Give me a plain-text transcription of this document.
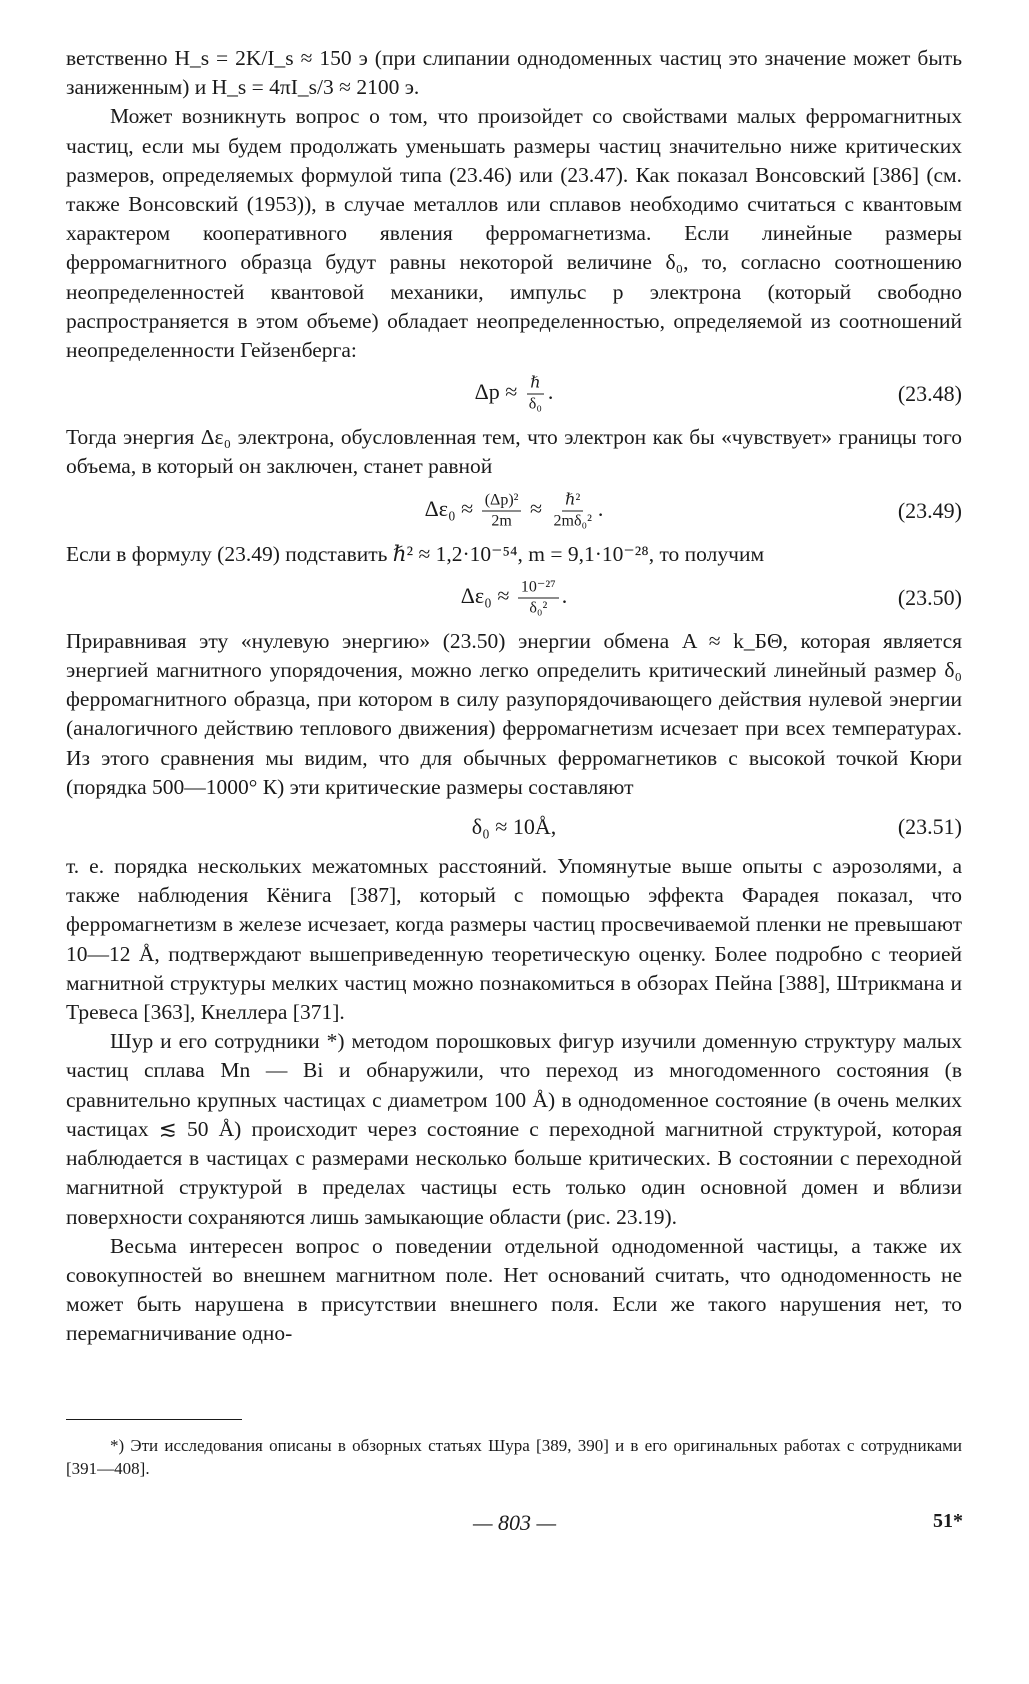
ветственно H_s = 2K/I_s ≈ 150 э (при слипании однодоменных частиц это значение может быть заниженным) и H_s = 4πI_s/3 ≈ 2100 э.

Может возникнуть вопрос о том, что произойдет со свойствами малых ферромагнитных частиц, если мы будем продолжать уменьшать размеры частиц значительно ниже критических размеров, определяемых формулой типа (23.46) или (23.47). Как показал Вонсовский [386] (см. также Вонсовский (1953)), в случае металлов или сплавов необходимо считаться с квантовым характером кооперативного явления ферромагнетизма. Если линейные размеры ферромагнитного образца будут равны некоторой величине δ₀, то, согласно соотношению неопределенностей квантовой механики, импульс p электрона (который свободно распространяется в этом объеме) обладает неопределенностью, определяемой из соотношений неопределенности Гейзенберга:

$\Delta p \approx \frac{\text{ℏ}}{\text{δ₀}}$ .	(23.48)

Тогда энергия Δε₀ электрона, обусловленная тем, что электрон как бы «чувствует» границы того объема, в который он заключен, станет равной

$\Delta\varepsilon_0 \approx \frac{\text{(Δp)²}}{2m} \approx \frac{\text{ℏ²}}{\text{2mδ₀²}}$ .	(23.49)

Если в формулу (23.49) подставить ℏ² ≈ 1,2·10⁻⁵⁴, m = 9,1·10⁻²⁸, то получим

$\Delta\varepsilon_0 \approx \frac{\text{10⁻²⁷}}{\text{δ₀²}}$ .	(23.50)

Приравнивая эту «нулевую энергию» (23.50) энергии обмена A ≈ k_БΘ, которая является энергией магнитного упорядочения, можно легко определить критический линейный размер δ₀ ферромагнитного образца, при котором в силу разупорядочивающего действия нулевой энергии (аналогичного действию теплового движения) ферромагнетизм исчезает при всех температурах. Из этого сравнения мы видим, что для обычных ферромагнетиков с высокой точкой Кюри (порядка 500—1000° К) эти критические размеры составляют

δ₀ ≈ 10Å,	(23.51)

т. е. порядка нескольких межатомных расстояний. Упомянутые выше опыты с аэрозолями, а также наблюдения Кёнига [387], который с помощью эффекта Фарадея показал, что ферромагнетизм в железе исчезает, когда размеры частиц просвечиваемой пленки не превышают 10—12 Å, подтверждают вышеприведенную теоретическую оценку. Более подробно с теорией магнитной структуры мелких частиц можно познакомиться в обзорах Пейна [388], Штрикмана и Тревеса [363], Кнеллера [371].

Шур и его сотрудники *) методом порошковых фигур изучили доменную структуру малых частиц сплава Mn — Bi и обнаружили, что переход из многодоменного состояния (в сравнительно крупных частицах с диаметром 100 Å) в однодоменное состояние (в очень мелких частицах ≲ 50 Å) происходит через состояние с переходной магнитной структурой, которая наблюдается в частицах с размерами несколько больше критических. В состоянии с переходной магнитной структурой в пределах частицы есть только один основной домен и вблизи поверхности сохраняются лишь замыкающие области (рис. 23.19).

Весьма интересен вопрос о поведении отдельной однодоменной частицы, а также их совокупностей во внешнем магнитном поле. Нет оснований считать, что однодоменность не может быть нарушена в присутствии внешнего поля. Если же такого нарушения нет, то перемагничивание одно-

*) Эти исследования описаны в обзорных статьях Шура [389, 390] и в его оригинальных работах с сотрудниками [391—408].

— 803 —	51*
